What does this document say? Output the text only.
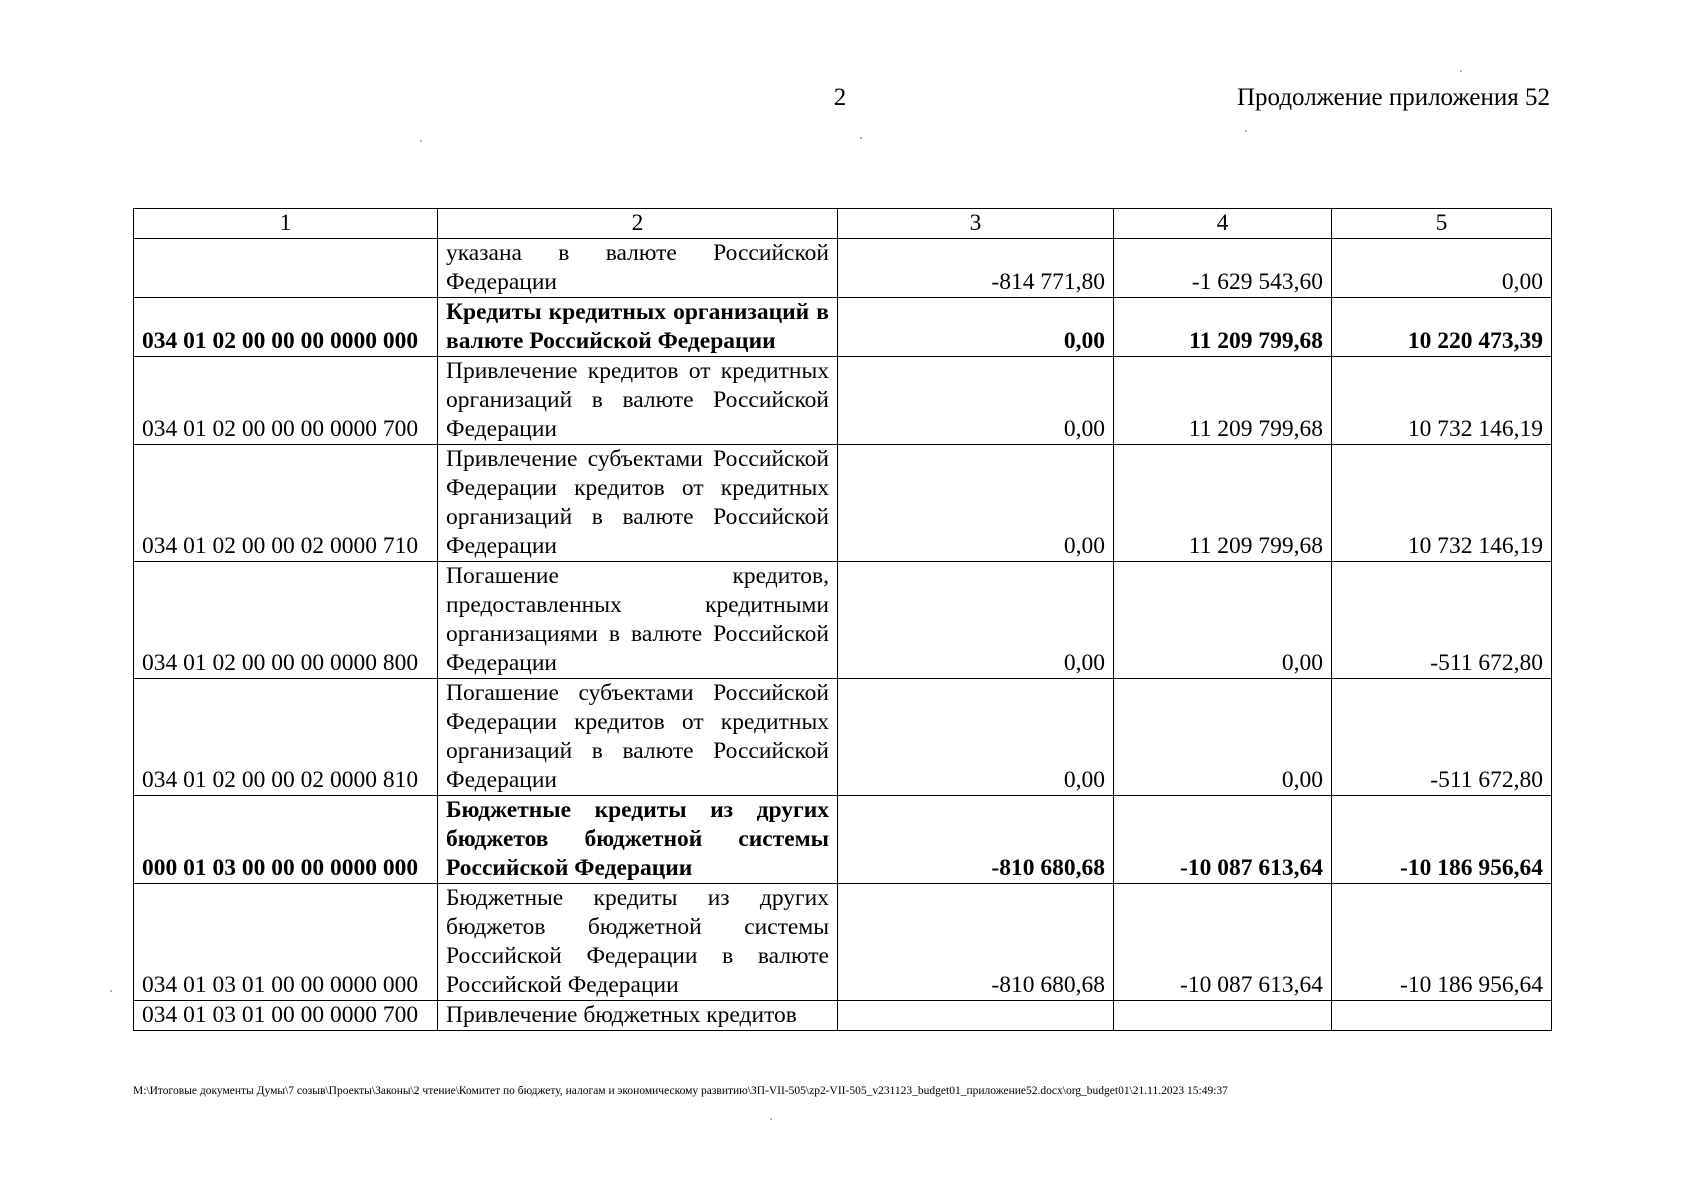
2	Продолжение приложения 52
1	2	3	4	5
	указана в валюте Российской Федерации	-814 771,80	-1 629 543,60	0,00
034 01 02 00 00 00 0000 000	Кредиты кредитных организаций в валюте Российской Федерации	0,00	11 209 799,68	10 220 473,39
034 01 02 00 00 00 0000 700	Привлечение кредитов от кредитных организаций в валюте Российской Федерации	0,00	11 209 799,68	10 732 146,19
034 01 02 00 00 02 0000 710	Привлечение субъектами Российской Федерации кредитов от кредитных организаций в валюте Российской Федерации	0,00	11 209 799,68	10 732 146,19
034 01 02 00 00 00 0000 800	Погашение кредитов, предоставленных кредитными организациями в валюте Российской Федерации	0,00	0,00	-511 672,80
034 01 02 00 00 02 0000 810	Погашение субъектами Российской Федерации кредитов от кредитных организаций в валюте Российской Федерации	0,00	0,00	-511 672,80
000 01 03 00 00 00 0000 000	Бюджетные кредиты из других бюджетов бюджетной системы Российской Федерации	-810 680,68	-10 087 613,64	-10 186 956,64
034 01 03 01 00 00 0000 000	Бюджетные кредиты из других бюджетов бюджетной системы Российской Федерации в валюте Российской Федерации	-810 680,68	-10 087 613,64	-10 186 956,64
034 01 03 01 00 00 0000 700	Привлечение бюджетных кредитов			
M:\Итоговые документы Думы\7 созыв\Проекты\Законы\2 чтение\Комитет по бюджету, налогам и экономическому развитию\ЗП-VII-505\zp2-VII-505_v231123_budget01_приложение52.docx\org_budget01\21.11.2023 15:49:37
